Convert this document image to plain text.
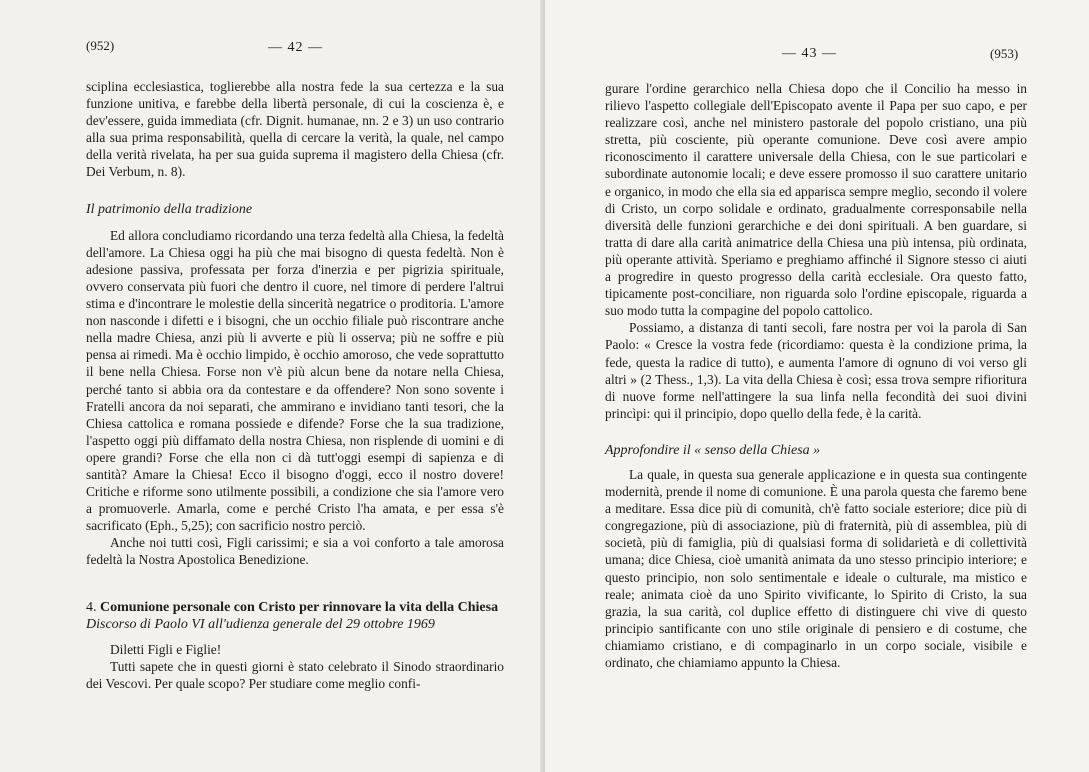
(952)	— 42 —

sciplina ecclesiastica, toglierebbe alla nostra fede la sua certezza e la sua funzione unitiva, e farebbe della libertà personale, di cui la coscienza è, e dev'essere, guida immediata (cfr. Dignit. humanae, nn. 2 e 3) un uso contrario alla sua prima responsabilità, quella di cercare la verità, la quale, nel campo della verità rivelata, ha per sua guida suprema il magistero della Chiesa (cfr. Dei Verbum, n. 8).

Il patrimonio della tradizione

Ed allora concludiamo ricordando una terza fedeltà alla Chiesa, la fedeltà dell'amore. La Chiesa oggi ha più che mai bisogno di questa fedeltà. Non è adesione passiva, professata per forza d'inerzia e per pigrizia spirituale, ovvero conservata più fuori che dentro il cuore, nel timore di perdere l'altrui stima e d'incontrare le molestie della sincerità negatrice o proditoria. L'amore non nasconde i difetti e i bisogni, che un occhio filiale può riscontrare anche nella madre Chiesa, anzi più li avverte e più li osserva; più ne soffre e più pensa ai rimedi. Ma è occhio limpido, è occhio amoroso, che vede soprattutto il bene nella Chiesa. Forse non v'è più alcun bene da notare nella Chiesa, perché tanto si abbia ora da contestare e da offendere? Non sono sovente i Fratelli ancora da noi separati, che ammirano e invidiano tanti tesori, che la Chiesa cattolica e romana possiede e difende? Forse che la sua tradizione, l'aspetto oggi più diffamato della nostra Chiesa, non risplende di uomini e di opere grandi? Forse che ella non ci dà tutt'oggi esempi di sapienza e di santità? Amare la Chiesa! Ecco il bisogno d'oggi, ecco il nostro dovere! Critiche e riforme sono utilmente possibili, a condizione che sia l'amore vero a promuoverle. Amarla, come e perché Cristo l'ha amata, e per essa s'è sacrificato (Eph., 5,25); con sacrificio nostro perciò.

Anche noi tutti così, Figli carissimi; e sia a voi conforto a tale amorosa fedeltà la Nostra Apostolica Benedizione.

4. Comunione personale con Cristo per rinnovare la vita della Chiesa

Discorso di Paolo VI all'udienza generale del 29 ottobre 1969

Diletti Figli e Figlie!

Tutti sapete che in questi giorni è stato celebrato il Sinodo straordinario dei Vescovi. Per quale scopo? Per studiare come meglio confi-

— 43 —	(953)

gurare l'ordine gerarchico nella Chiesa dopo che il Concilio ha messo in rilievo l'aspetto collegiale dell'Episcopato avente il Papa per suo capo, e per realizzare così, anche nel ministero pastorale del popolo cristiano, una più stretta, più cosciente, più operante comunione. Deve così avere ampio riconoscimento il carattere universale della Chiesa, con le sue particolari e subordinate autonomie locali; e deve essere promosso il suo carattere unitario e organico, in modo che ella sia ed apparisca sempre meglio, secondo il volere di Cristo, un corpo solidale e ordinato, gradualmente corresponsabile nella diversità delle funzioni gerarchiche e dei doni spirituali. A ben guardare, si tratta di dare alla carità animatrice della Chiesa una più intensa, più ordinata, più operante attività. Speriamo e preghiamo affinché il Signore stesso ci aiuti a progredire in questo progresso della carità ecclesiale. Ora questo fatto, tipicamente post-conciliare, non riguarda solo l'ordine episcopale, riguarda a suo modo tutta la compagine del popolo cattolico.

Possiamo, a distanza di tanti secoli, fare nostra per voi la parola di San Paolo: « Cresce la vostra fede (ricordiamo: questa è la condizione prima, la fede, questa la radice di tutto), e aumenta l'amore di ognuno di voi verso gli altri » (2 Thess., 1,3). La vita della Chiesa è così; essa trova sempre rifioritura di nuove forme nell'attingere la sua linfa nella fecondità dei suoi divini princìpi: qui il principio, dopo quello della fede, è la carità.

Approfondire il « senso della Chiesa »

La quale, in questa sua generale applicazione e in questa sua contingente modernità, prende il nome di comunione. È una parola questa che faremo bene a meditare. Essa dice più di comunità, ch'è fatto sociale esteriore; dice più di congregazione, più di associazione, più di fraternità, più di assemblea, più di società, più di famiglia, più di qualsiasi forma di solidarietà e di collettività umana; dice Chiesa, cioè umanità animata da uno stesso principio interiore; e questo principio, non solo sentimentale e ideale o culturale, ma mistico e reale; animata cioè da uno Spirito vivificante, lo Spirito di Cristo, la sua grazia, la sua carità, col duplice effetto di distinguere chi vive di questo principio santificante con uno stile originale di pensiero e di costume, che chiamiamo cristiano, e di compaginarlo in un corpo sociale, visibile e ordinato, che chiamiamo appunto la Chiesa.
